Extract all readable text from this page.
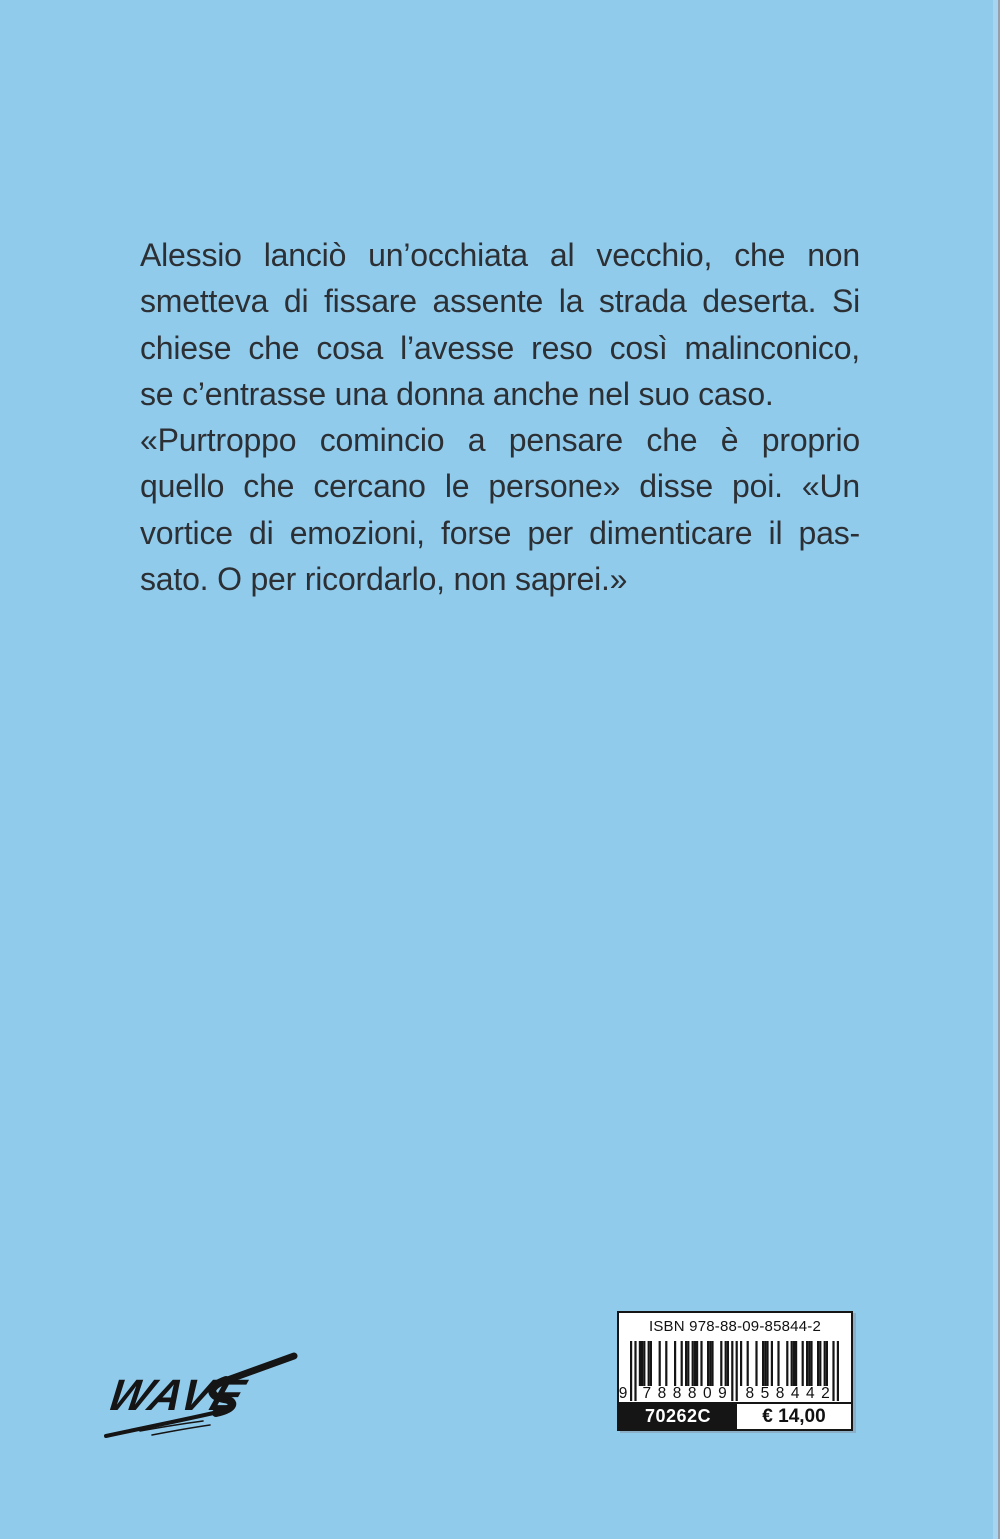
Alessio lanciò un’occhiata al vecchio, che non
smetteva di fissare assente la strada deserta. Si
chiese che cosa l’avesse reso così malinconico,
se c’entrasse una donna anche nel suo caso.
«Purtroppo comincio a pensare che è proprio
quello che cercano le persone» disse poi. «Un
vortice di emozioni, forse per dimenticare il pas-
sato. O per ricordarlo, non saprei.»
WAVE
ISBN 978-88-09-85844-2
9 788809 858442
70262C	€ 14,00
